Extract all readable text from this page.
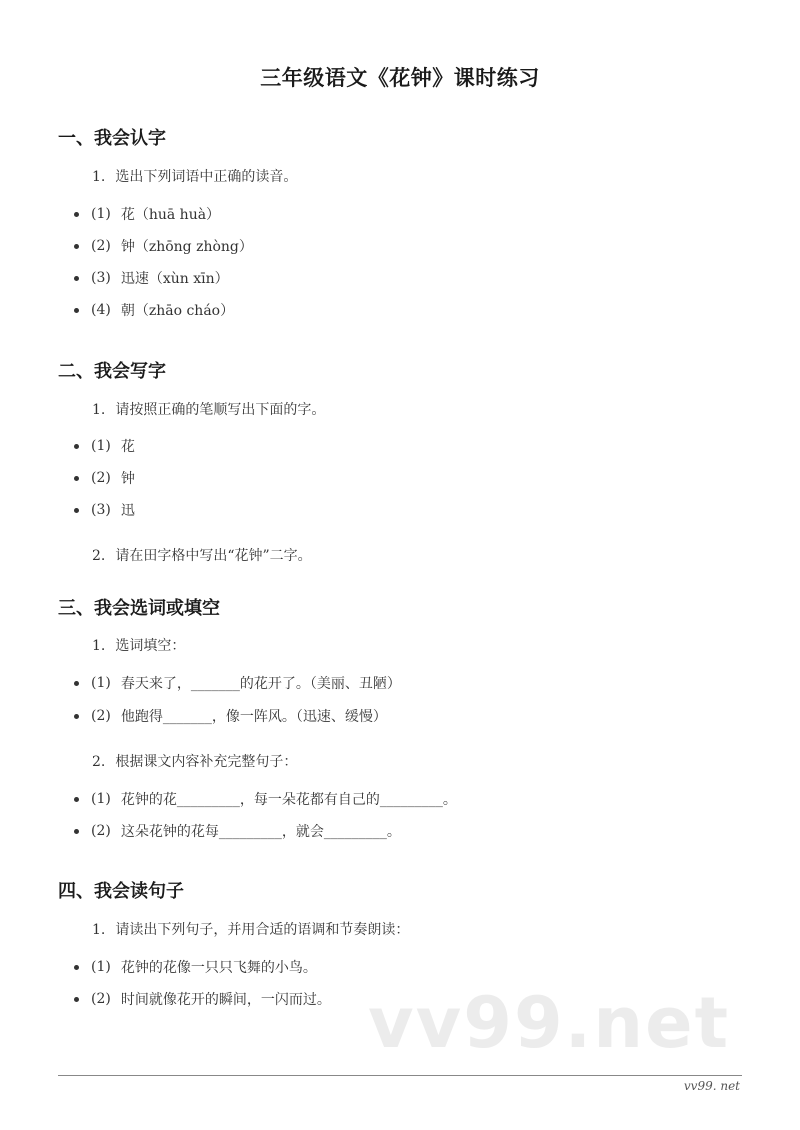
三年级语文《花钟》课时练习
一、我会认字
1. 选出下列词语中正确的读音。
(1) 花（huā huà）
(2) 钟（zhōng zhòng）
(3) 迅速（xùn xīn）
(4) 朝（zhāo cháo）
二、我会写字
1. 请按照正确的笔顺写出下面的字。
(1) 花
(2) 钟
(3) 迅
2. 请在田字格中写出“花钟”二字。
三、我会选词或填空
1. 选词填空：
(1) 春天来了，_______的花开了。（美丽、丑陋）
(2) 他跑得_______，像一阵风。（迅速、缓慢）
2. 根据课文内容补充完整句子：
(1) 花钟的花_________，每一朵花都有自己的_________。
(2) 这朵花钟的花每_________，就会_________。
四、我会读句子
1. 请读出下列句子，并用合适的语调和节奏朗读：
(1) 花钟的花像一只只飞舞的小鸟。
(2) 时间就像花开的瞬间，一闪而过。 vv99.net
vv99. net
